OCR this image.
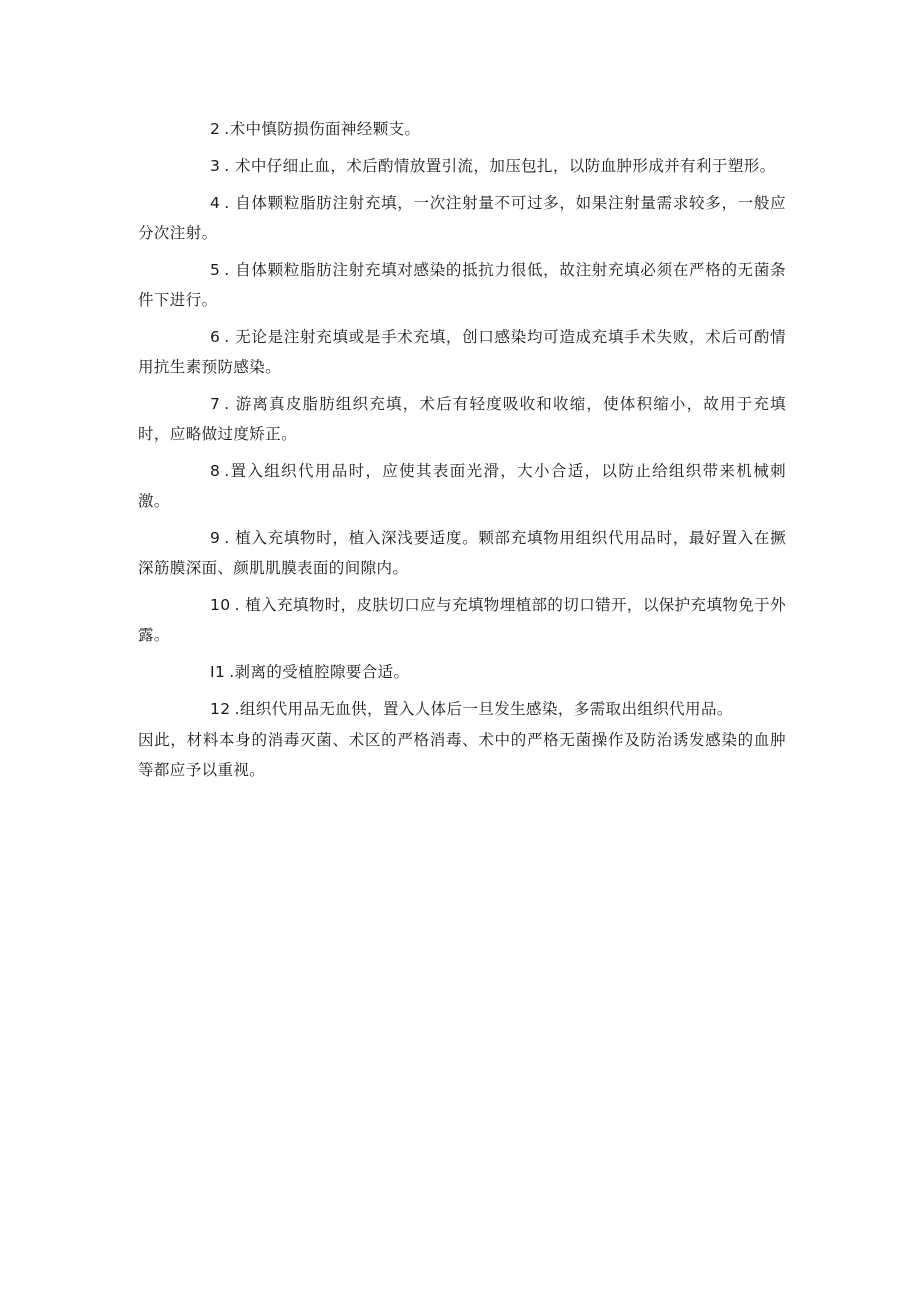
2 .术中慎防损伤面神经颗支。

3 . 术中仔细止血，术后酌情放置引流，加压包扎，以防血肿形成并有利于塑形。

4 . 自体颗粒脂肪注射充填，一次注射量不可过多，如果注射量需求较多，一般应分次注射。

5 . 自体颗粒脂肪注射充填对感染的抵抗力很低，故注射充填必须在严格的无菌条件下进行。

6 . 无论是注射充填或是手术充填，创口感染均可造成充填手术失败，术后可酌情用抗生素预防感染。

7 . 游离真皮脂肪组织充填，术后有轻度吸收和收缩，使体积缩小，故用于充填时，应略做过度矫正。

8 .置入组织代用品时，应使其表面光滑，大小合适，以防止给组织带来机械刺激。

9 . 植入充填物时，植入深浅要适度。颗部充填物用组织代用品时，最好置入在撅深筋膜深面、颜肌肌膜表面的间隙内。

10 . 植入充填物时，皮肤切口应与充填物埋植部的切口错开，以保护充填物免于外露。

I1 .剥离的受植腔隙要合适。

12 .组织代用品无血供，置入人体后一旦发生感染，多需取出组织代用品。

因此，材料本身的消毒灭菌、术区的严格消毒、术中的严格无菌操作及防治诱发感染的血肿等都应予以重视。
